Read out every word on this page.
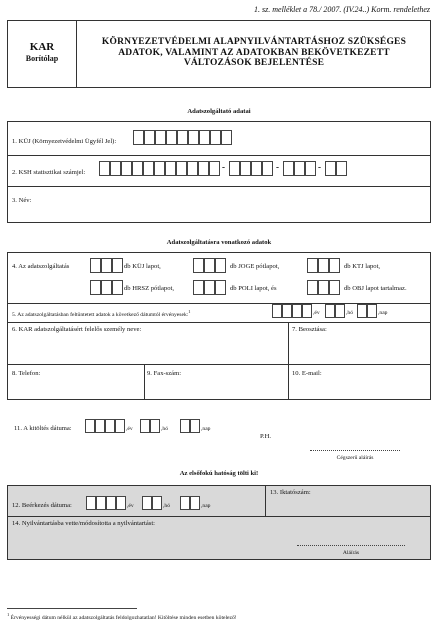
1. sz. melléklet a 78./ 2007. (IV.24..) Korm. rendelethez
KAR
Borítólap
KÖRNYEZETVÉDELMI ALAPNYILVÁNTARTÁSHOZ SZÜKSÉGES
ADATOK, VALAMINT AZ ADATOKBAN BEKÖVETKEZETT
VÁLTOZÁSOK BEJELENTÉSE
Adatszolgáltató adatai
1. KÜJ (Környezetvédelmi Ügyfél Jel):
2. KSH statisztikai számjel:
3. Név:
-	-	-
Adatszolgáltatásra vonatkozó adatok
4. Az adatszolgáltatás	db KÜJ lapot,	db JOGE pótlapot,	db KTJ lapot,
db HRSZ pótlapot,	db POLI lapot, és	db OBJ lapot tartalmaz.
5. Az adatszolgáltatásban feltüntetett adatok a következő dátumtól érvényesek:$^1$	,év	,hó	,nap
6. KAR adatszolgáltatásért felelős személy neve:	7. Beosztása:
8. Telefon:	9. Fax-szám:	10. E-mail:
11. A kitöltés dátuma:	,év	,hó	,nap
P.H.
Cégszerű aláírás
Az elsőfokú hatóság tölti ki!
12. Beérkezés dátuma:	,év	,hó	,nap
13. Iktatószám:
14. Nyilvántartásba vette/módosította a nyilvántartást:
Aláírás
$^1$ Érvényességi dátum nélkül az adatszolgáltatás feldolgozhatatlan! Kitöltése minden esetben kötelező!
